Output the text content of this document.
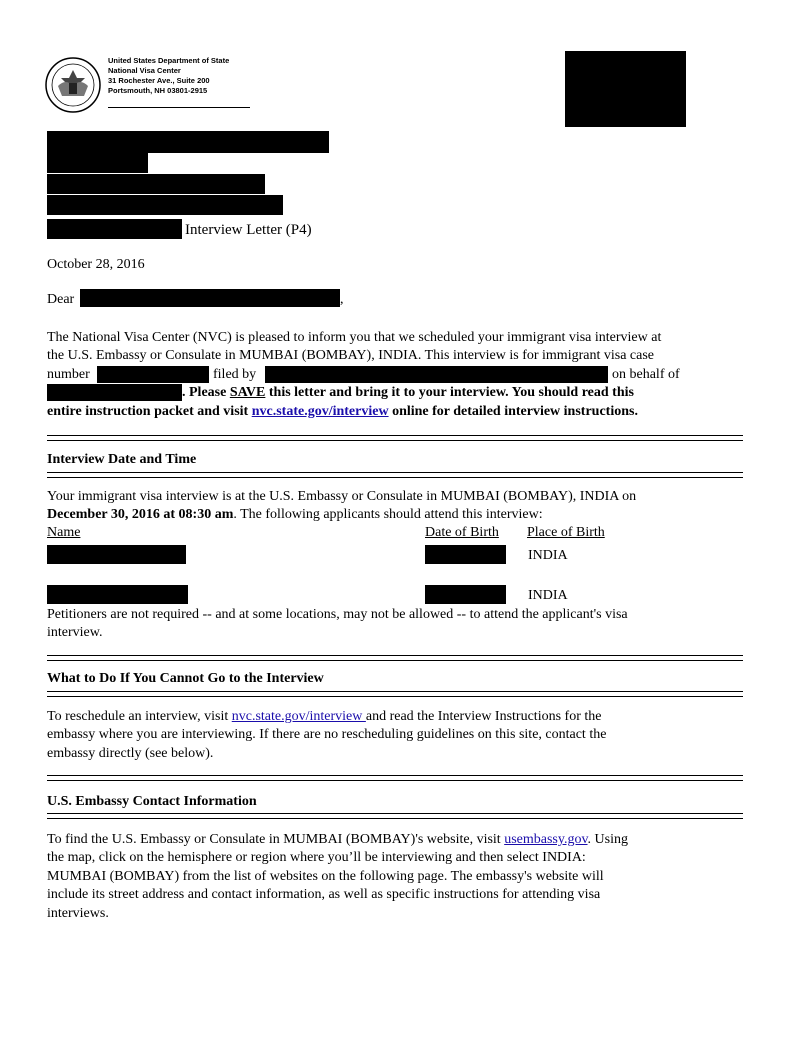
United States Department of State
National Visa Center
31 Rochester Ave., Suite 200
Portsmouth, NH 03801-2915
Interview Letter (P4)
October 28, 2016
Dear	,
The National Visa Center (NVC) is pleased to inform you that we scheduled your immigrant visa interview at
the U.S. Embassy or Consulate in MUMBAI (BOMBAY), INDIA. This interview is for immigrant visa case
number	filed by	on behalf of
. Please SAVE this letter and bring it to your interview. You should read this
entire instruction packet and visit nvc.state.gov/interview online for detailed interview instructions.
Interview Date and Time
Your immigrant visa interview is at the U.S. Embassy or Consulate in MUMBAI (BOMBAY), INDIA on
December 30, 2016 at 08:30 am. The following applicants should attend this interview:
Name	Date of Birth Place of Birth
INDIA
INDIA
Petitioners are not required -- and at some locations, may not be allowed -- to attend the applicant's visa
interview.
What to Do If You Cannot Go to the Interview
To reschedule an interview, visit nvc.state.gov/interview and read the Interview Instructions for the
embassy where you are interviewing. If there are no rescheduling guidelines on this site, contact the
embassy directly (see below).
U.S. Embassy Contact Information
To find the U.S. Embassy or Consulate in MUMBAI (BOMBAY)'s website, visit usembassy.gov. Using
the map, click on the hemisphere or region where you’ll be interviewing and then select INDIA:
MUMBAI (BOMBAY) from the list of websites on the following page. The embassy's website will
include its street address and contact information, as well as specific instructions for attending visa
interviews.
